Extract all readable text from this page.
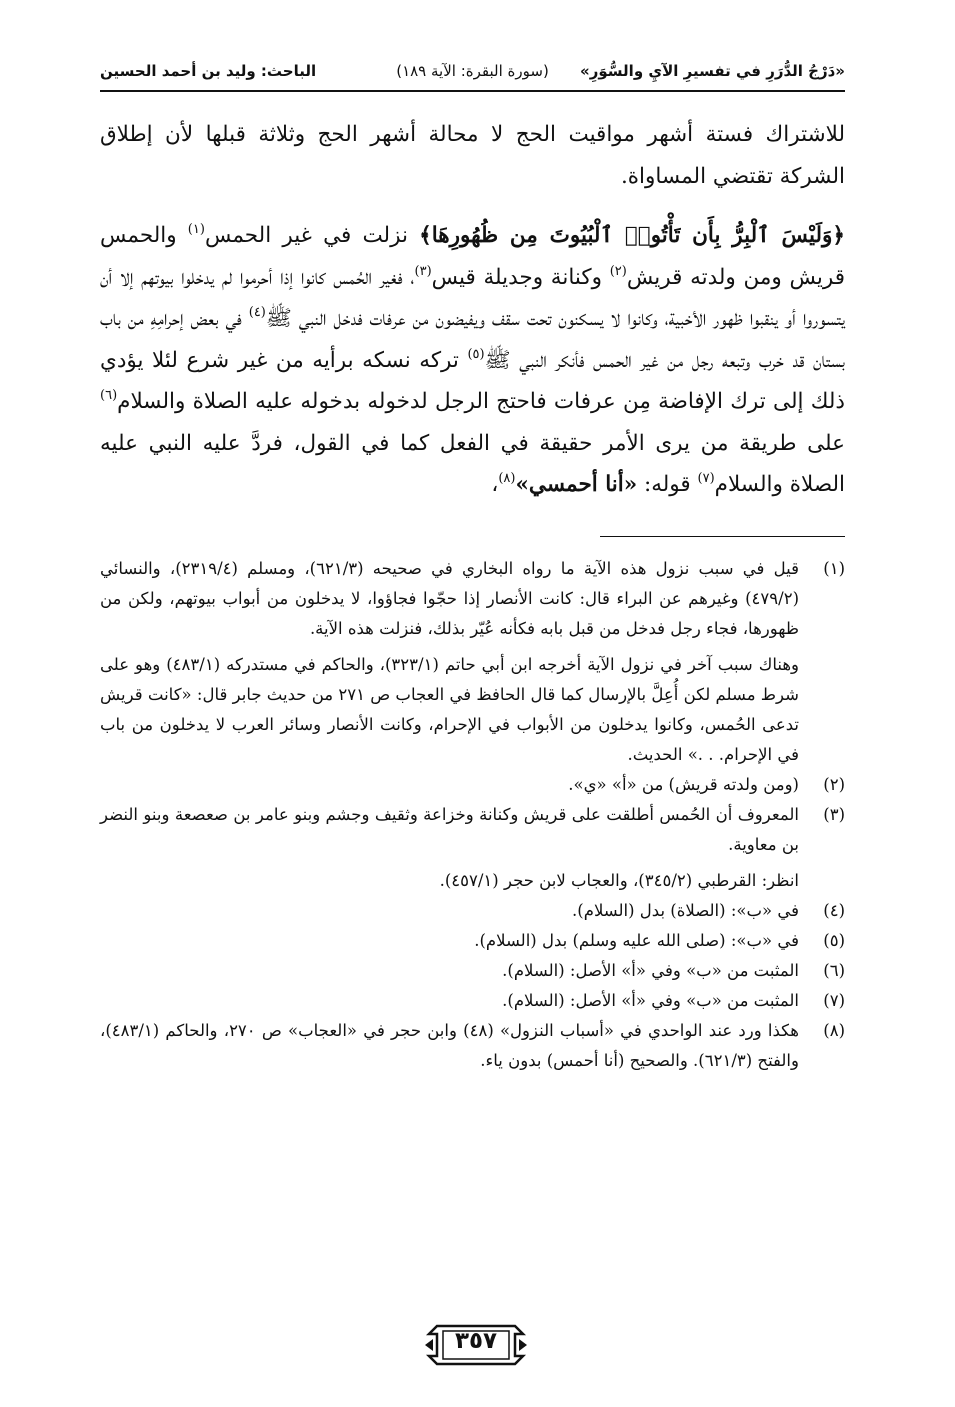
«دَرْجُ الدُّرَرِ في تفسيرِ الآيِ والسُّوَرِ»
(سورة البقرة: الآية ١٨٩)
الباحث: وليد بن أحمد الحسين

للاشتراك فستة أشهر مواقيت الحج لا محالة أشهر الحج وثلاثة قبلها لأن إطلاق الشركة تقتضي المساواة.

﴿وَلَيْسَ ٱلْبِرُّ بِأَن تَأْتُوا۟ ٱلْبُيُوتَ مِن ظُهُورِهَا﴾ نزلت في غير الحمس$^{(١)}$ والحمس قريش ومن ولدته قريش$^{(٢)}$ وكنانة وجديلة قيس$^{(٣)}$، فغير الحُمس كانوا إذا أحرموا لم يدخلوا بيوتهم إلا أن يتسوروا أو ينقبوا ظهور الأخبية، وكانوا لا يسكنون تحت سقف ويفيضون من عرفات فدخل النبي ﷺ$^{(٤)}$ في بعض إحرامِهِ من باب بستان قد خرب وتبعه رجل من غير الحمس فأنكر النبي ﷺ$^{(٥)}$ تركه نسكه برأيه من غير شرع لئلا يؤدي ذلك إلى ترك الإفاضة مِن عرفات فاحتج الرجل لدخوله بدخوله عليه الصلاة والسلام$^{(٦)}$ على طريقة من يرى الأمر حقيقة في الفعل كما في القول، فردَّ عليه النبي عليه الصلاة والسلام$^{(٧)}$ قوله: «أنا أحمسي»$^{(٨)}$،

(١)

قيل في سبب نزول هذه الآية ما رواه البخاري في صحيحه (٦٢١/٣)، ومسلم (٢٣١٩/٤)، والنسائي (٤٧٩/٢) وغيرهم عن البراء قال: كانت الأنصار إذا حجّوا فجاؤوا، لا يدخلون من أبواب بيوتهم، ولكن من ظهورها، فجاء رجل فدخل من قبل بابه فكأنه عُيّر بذلك، فنزلت هذه الآية.

وهناك سبب آخر في نزول الآية أخرجه ابن أبي حاتم (٣٢٣/١)، والحاكم في مستدركه (٤٨٣/١) وهو على شرط مسلم لكن أُعِلَّ بالإرسال كما قال الحافظ في العجاب ص ٢٧١ من حديث جابر قال: «كانت قريش تدعى الحُمس، وكانوا يدخلون من الأبواب في الإحرام، وكانت الأنصار وسائر العرب لا يدخلون من باب في الإحرام. . .» الحديث.

(٢)

(ومن ولدته قريش) من «أ» «ي».

(٣)

المعروف أن الحُمس أطلقت على قريش وكنانة وخزاعة وثقيف وجشم وبنو عامر بن صعصعة وبنو النضر بن معاوية.

انظر: القرطبي (٣٤٥/٢)، والعجاب لابن حجر (٤٥٧/١).

(٤)

في «ب»: (الصلاة) بدل (السلام).

(٥)

في «ب»: (صلى الله عليه وسلم) بدل (السلام).

(٦)

المثبت من «ب» وفي «أ» الأصل: (السلام).

(٧)

المثبت من «ب» وفي «أ» الأصل: (السلام).

(٨)

هكذا ورد عند الواحدي في «أسباب النزول» (٤٨) وابن حجر في «العجاب» ص ٢٧٠، والحاكم (٤٨٣/١)، والفتح (٦٢١/٣). والصحيح (أنا أحمس) بدون ياء.

٣٥٧
